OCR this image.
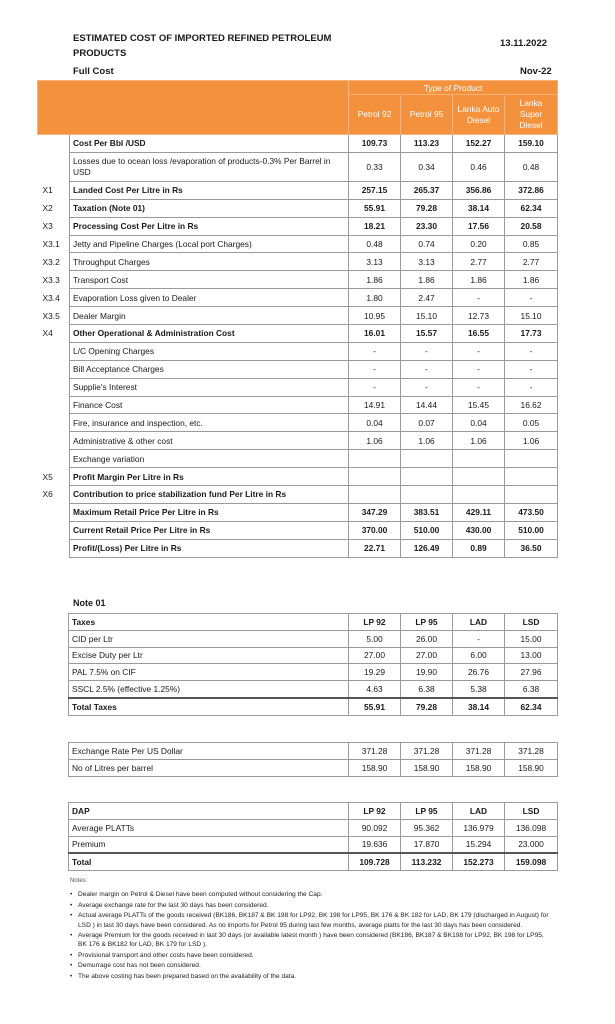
ESTIMATED COST OF IMPORTED REFINED PETROLEUM PRODUCTS
13.11.2022
Full Cost	Nov-22
		Type of Product			
		Petrol 92	Petrol 95	Lanka Auto Diesel	Lanka Super Diesel
	Cost Per Bbl /USD	109.73	113.23	152.27	159.10
	Losses due to ocean loss /evaporation of products-0.3% Per Barrel in USD	0.33	0.34	0.46	0.48
X1	Landed Cost Per Litre in Rs	257.15	265.37	356.86	372.86
X2	Taxation (Note 01)	55.91	79.28	38.14	62.34
X3	Processing Cost Per Litre in Rs	18.21	23.30	17.56	20.58
X3.1	Jetty and Pipeline Charges (Local port Charges)	0.48	0.74	0.20	0.85
X3.2	Throughput Charges	3.13	3.13	2.77	2.77
X3.3	Transport Cost	1.86	1.86	1.86	1.86
X3.4	Evaporation Loss given to Dealer	1.80	2.47	-	-
X3.5	Dealer Margin	10.95	15.10	12.73	15.10
X4	Other Operational & Administration Cost	16.01	15.57	16.55	17.73
	L/C Opening Charges	-	-	-	-
	Bill Acceptance Charges	-	-	-	-
	Supplie's Interest	-	-	-	-
	Finance Cost	14.91	14.44	15.45	16.62
	Fire, insurance and inspection, etc.	0.04	0.07	0.04	0.05
	Administrative & other cost	1.06	1.06	1.06	1.06
	Exchange variation				
X5	Profit Margin Per Litre in Rs				
X6	Contribution to price stabilization fund Per Litre in Rs				
	Maximum Retail Price Per Litre in Rs	347.29	383.51	429.11	473.50
	Current Retail Price Per Litre in Rs	370.00	510.00	430.00	510.00
	Profit/(Loss) Per Litre in Rs	22.71	126.49	0.89	36.50
Note 01
Taxes	LP 92	LP 95	LAD	LSD
CID per Ltr	5.00	26.00	-	15.00
Excise Duty per Ltr	27.00	27.00	6.00	13.00
PAL 7.5% on CIF	19.29	19.90	26.76	27.96
SSCL 2.5% (effective 1.25%)	4.63	6.38	5.38	6.38
Total Taxes	55.91	79.28	38.14	62.34
Exchange Rate Per US Dollar	371.28	371.28	371.28	371.28
No of Litres per barrel	158.90	158.90	158.90	158.90
DAP	LP 92	LP 95	LAD	LSD
Average PLATTs	90.092	95.362	136.979	136.098
Premium	19.636	17.870	15.294	23.000
Total	109.728	113.232	152.273	159.098
Notes:
• Dealer margin on Petrol & Diesel have been computed without considering the Cap.
• Average exchange rate for the last 30 days has been considered.
• Actual average PLATTs of the goods received (BK186, BK187 & BK 198 for LP92, BK 198 for LP95, BK 176 & BK 182 for LAD, BK 179 (discharged in August) for LSD ) in last 30 days have been considered. As no imports for Petrol 95 during last few months, average platts for the last 30 days has been considered.
• Average Premium for the goods received in last 30 days (or available latest month ) have been considered (BK186, BK187 & BK198 for LP92, BK 198 for LP95, BK 176 & BK182 for LAD, BK 179 for LSD ).
• Provisional transport and other costs have been considered.
• Demurrage cost has not been considered.
• The above costing has been prepared based on the availability of the data.
